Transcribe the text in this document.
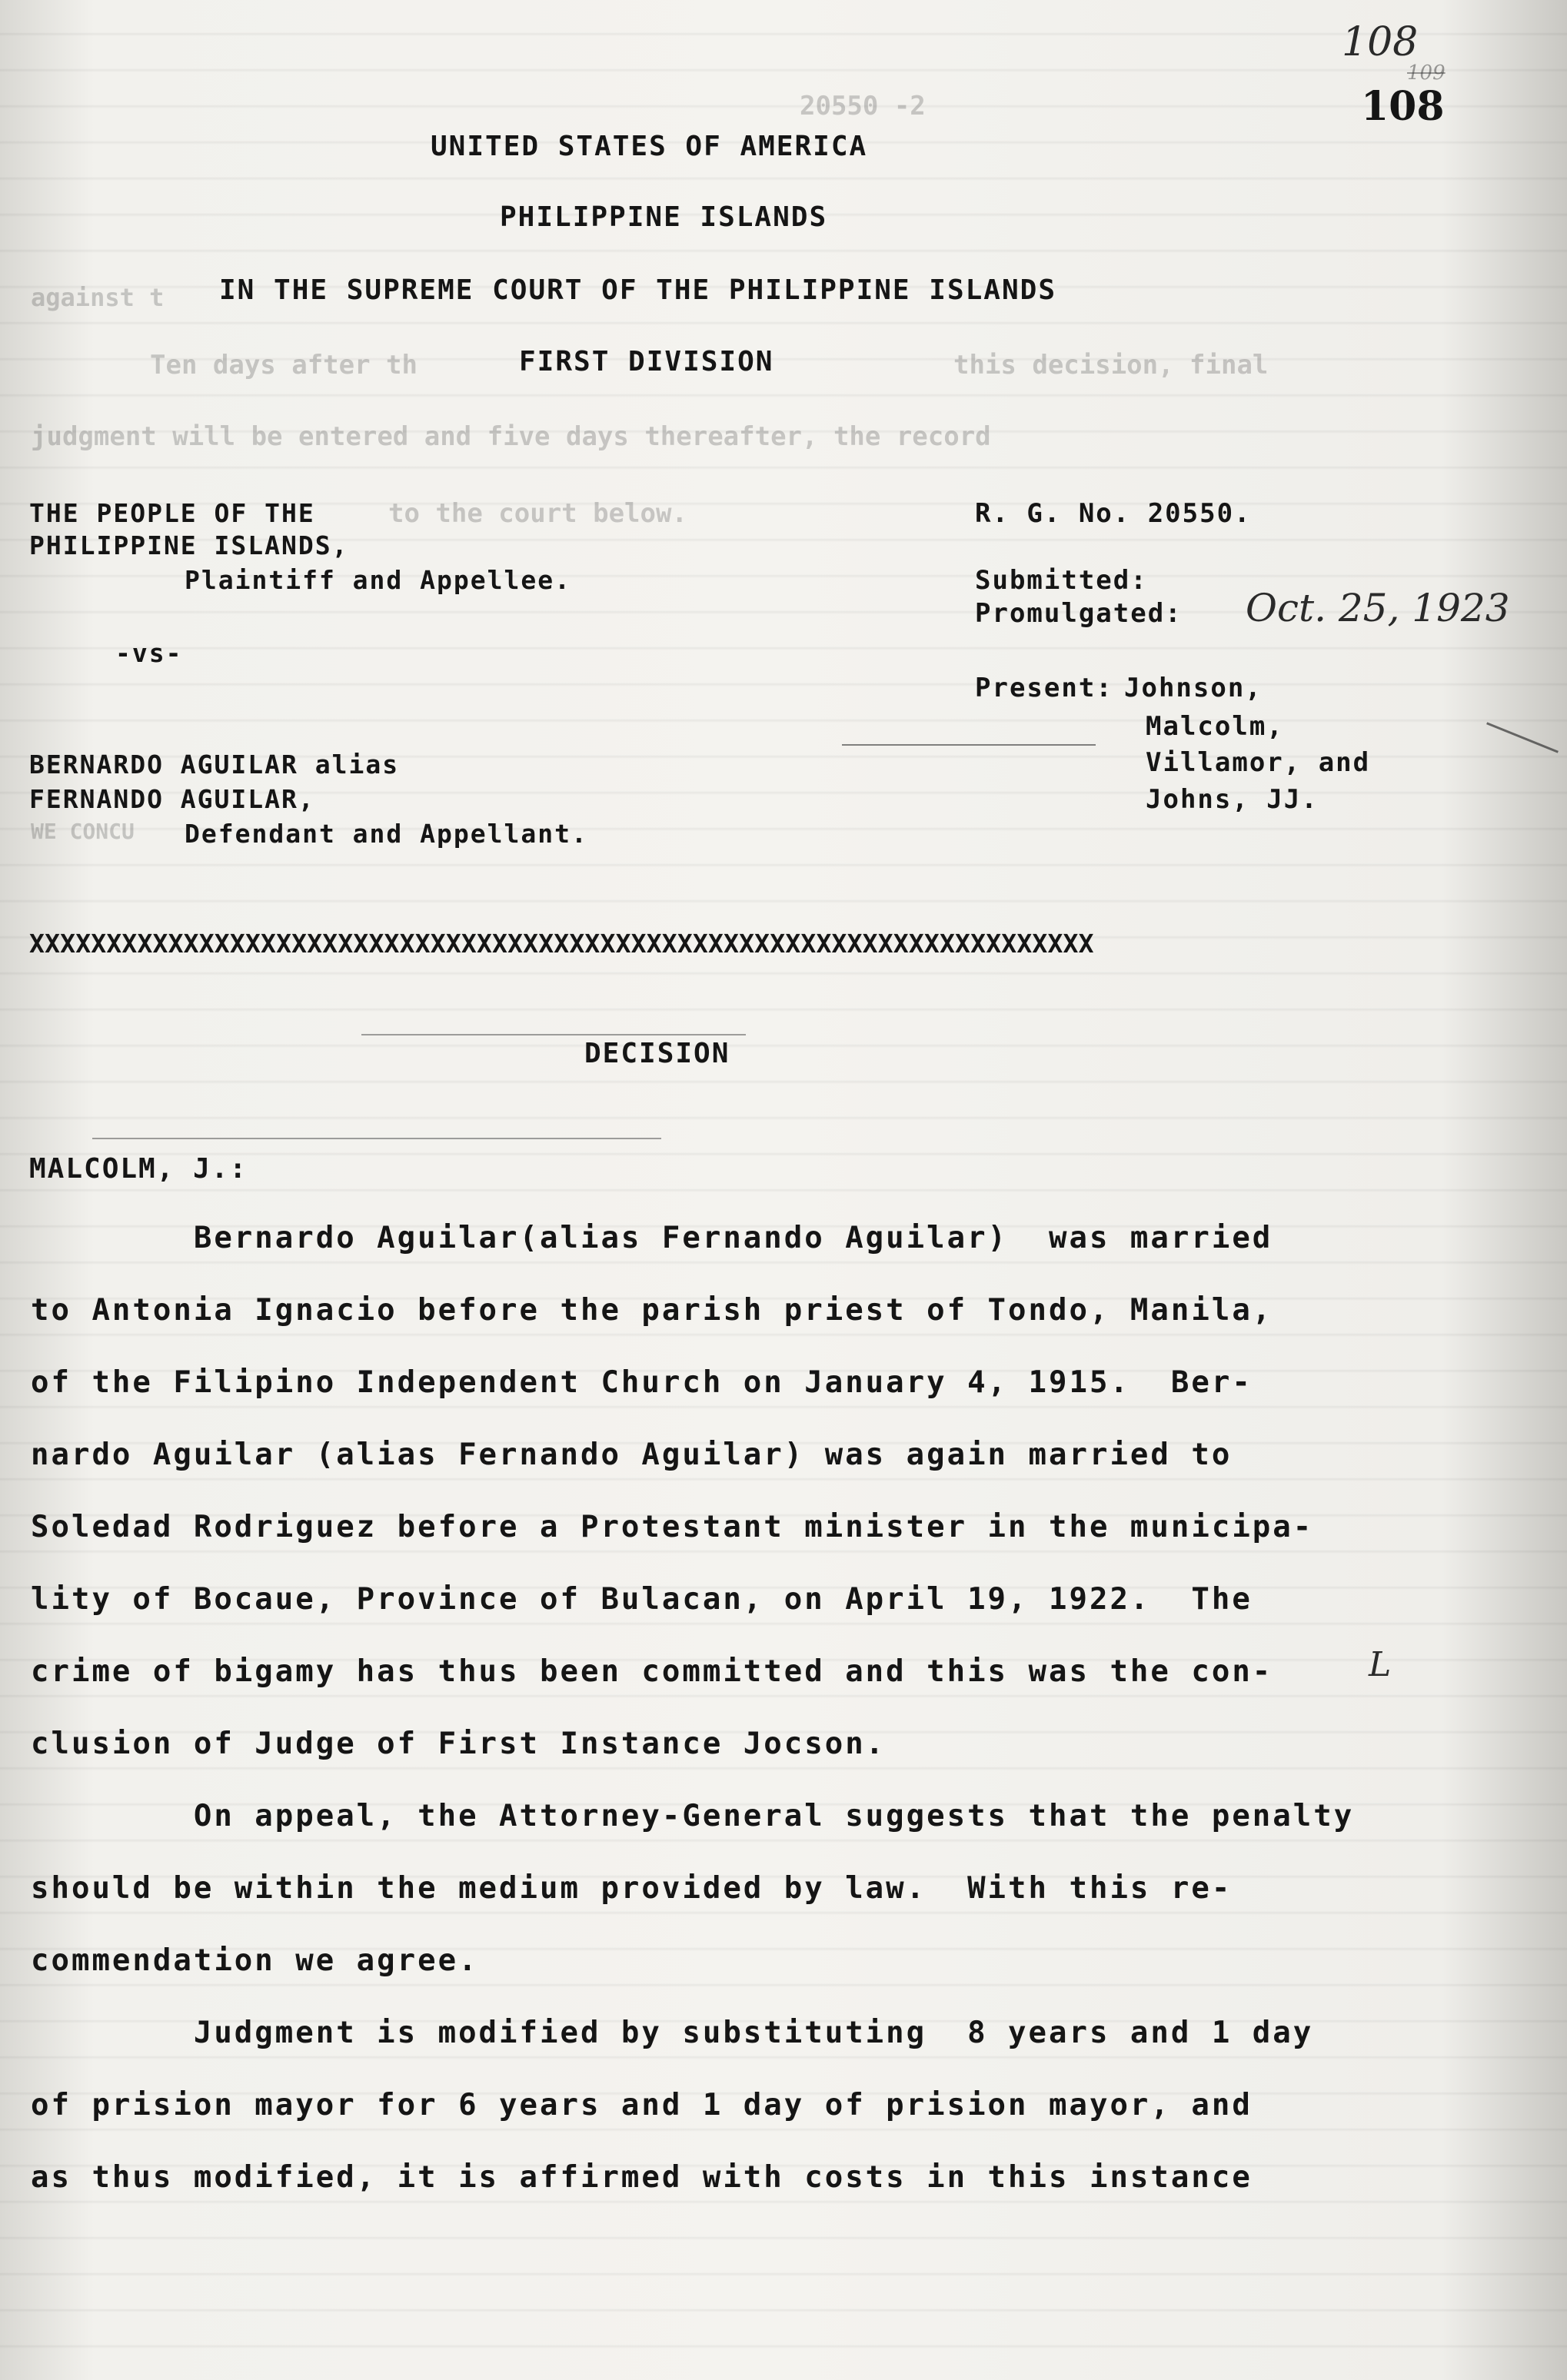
20550 -2
against t
Ten days after th	this decision, final
judgment will be entered and five days thereafter, the record
to the court below.
WE CONCU
108
109
108
UNITED STATES OF AMERICA
PHILIPPINE ISLANDS
IN THE SUPREME COURT OF THE PHILIPPINE ISLANDS
FIRST DIVISION
THE PEOPLE OF THE
PHILIPPINE ISLANDS,
Plaintiff and Appellee.
-vs-
BERNARDO AGUILAR alias
FERNANDO AGUILAR,
Defendant and Appellant.
R. G. No. 20550.
Submitted:
Promulgated: Oct. 25, 1923
Present: Johnson,
Malcolm,
Villamor, and
Johns, JJ.
XXXXXXXXXXXXXXXXXXXXXXXXXXXXXXXXXXXXXXXXXXXXXXXXXXXXXXXXXXXXXXXXXXXXX
DECISION
MALCOLM, J.:
Bernardo Aguilar(alias Fernando Aguilar)  was married
to Antonia Ignacio before the parish priest of Tondo, Manila,
of the Filipino Independent Church on January 4, 1915.  Ber-
nardo Aguilar (alias Fernando Aguilar) was again married to
Soledad Rodriguez before a Protestant minister in the municipa-
lity of Bocaue, Province of Bulacan, on April 19, 1922.  The
crime of bigamy has thus been committed and this was the con-
clusion of Judge of First Instance Jocson.
On appeal, the Attorney-General suggests that the penalty
should be within the medium provided by law.  With this re-
commendation we agree.
Judgment is modified by substituting  8 years and 1 day
of prision mayor for 6 years and 1 day of prision mayor, and
as thus modified, it is affirmed with costs in this instance
L
